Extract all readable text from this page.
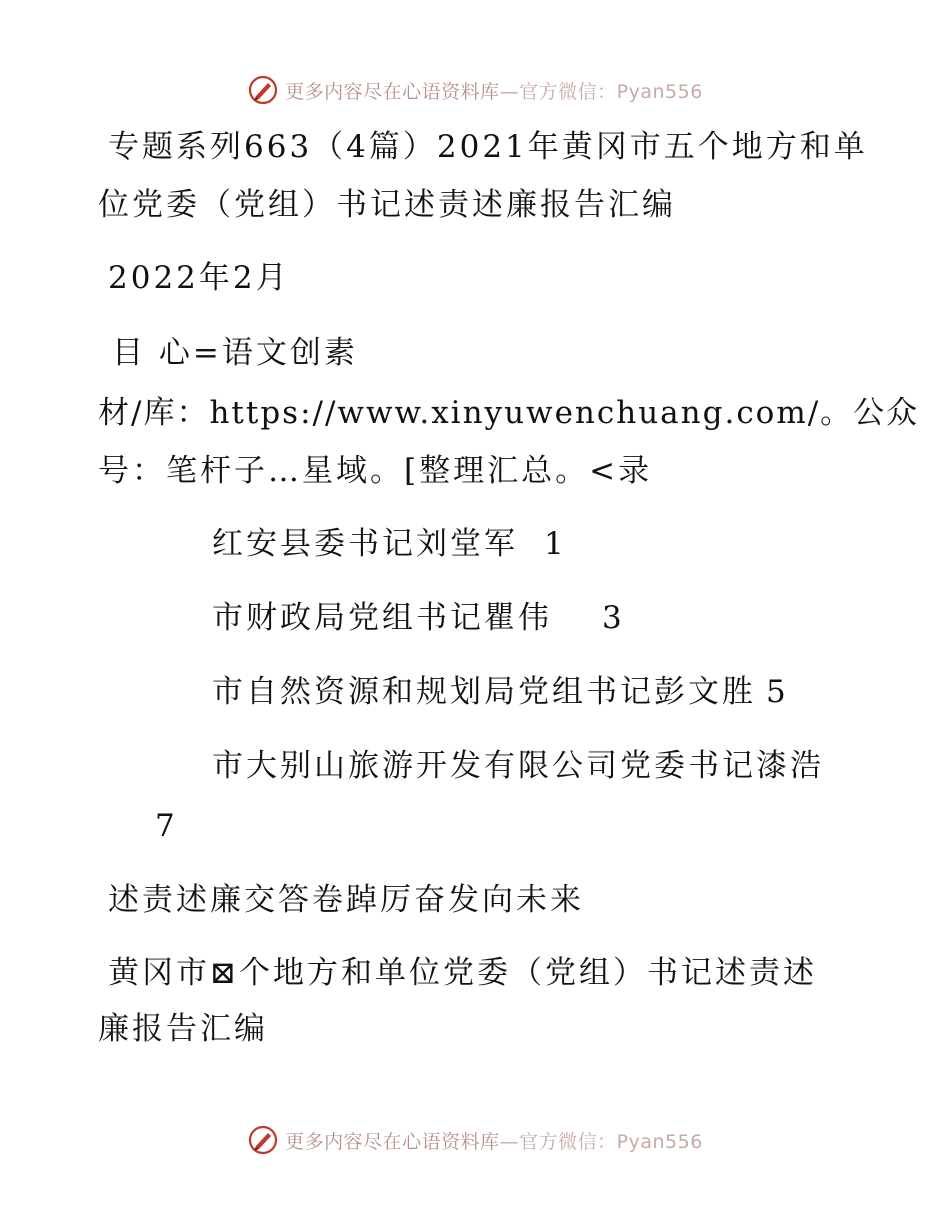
更多内容尽在心语资料库—官方微信：Pyan556
专题系列663（4篇）2021年黄冈市五个地方和单
位党委（党组）书记述责述廉报告汇编
2022年2月
目 心=语文创素
材/库：https://www.xinyuwenchuang.com/。公众
号：笔杆子…星域。[整理汇总。<录
红安县委书记刘堂军 1
市财政局党组书记瞿伟 3
市自然资源和规划局党组书记彭文胜 5
市大别山旅游开发有限公司党委书记漆浩
7
述责述廉交答卷踔厉奋发向未来
黄冈市⊠个地方和单位党委（党组）书记述责述
廉报告汇编
更多内容尽在心语资料库—官方微信：Pyan556
